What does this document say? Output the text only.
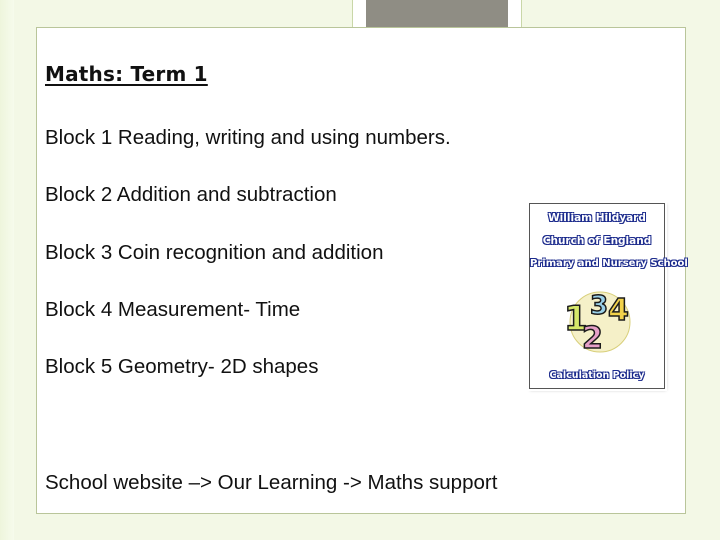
Maths: Term 1

Block 1 Reading, writing and using numbers.

Block 2 Addition and subtraction

Block 3 Coin recognition and addition

Block 4 Measurement- Time

Block 5 Geometry- 2D shapes

William Hildyard
Church of England
Primary and Nursery School
1 3 4
2
Calculation Policy

School website –> Our Learning -> Maths support
